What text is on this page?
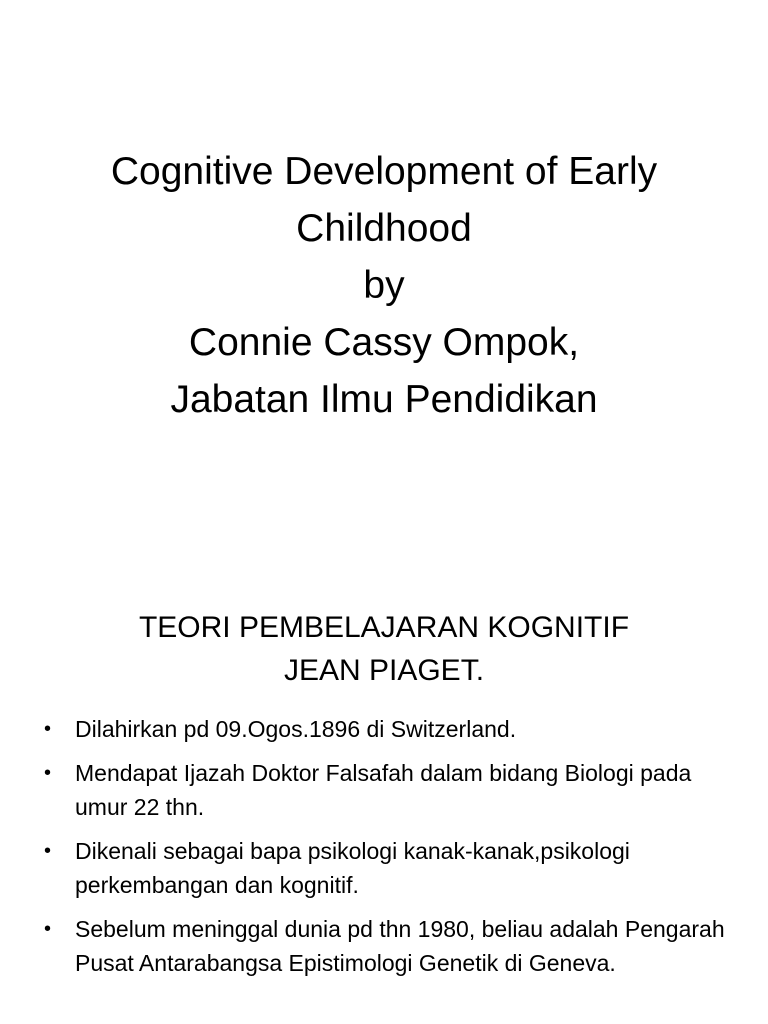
Cognitive Development of Early
Childhood
by
Connie Cassy Ompok,
Jabatan Ilmu Pendidikan
TEORI PEMBELAJARAN KOGNITIF
JEAN PIAGET.
• Dilahirkan pd 09.Ogos.1896 di Switzerland.
• Mendapat Ijazah Doktor Falsafah dalam bidang Biologi pada umur 22 thn.
• Dikenali sebagai bapa psikologi kanak-kanak,psikologi perkembangan dan kognitif.
• Sebelum meninggal dunia pd thn 1980, beliau adalah Pengarah Pusat Antarabangsa Epistimologi Genetik di Geneva.
